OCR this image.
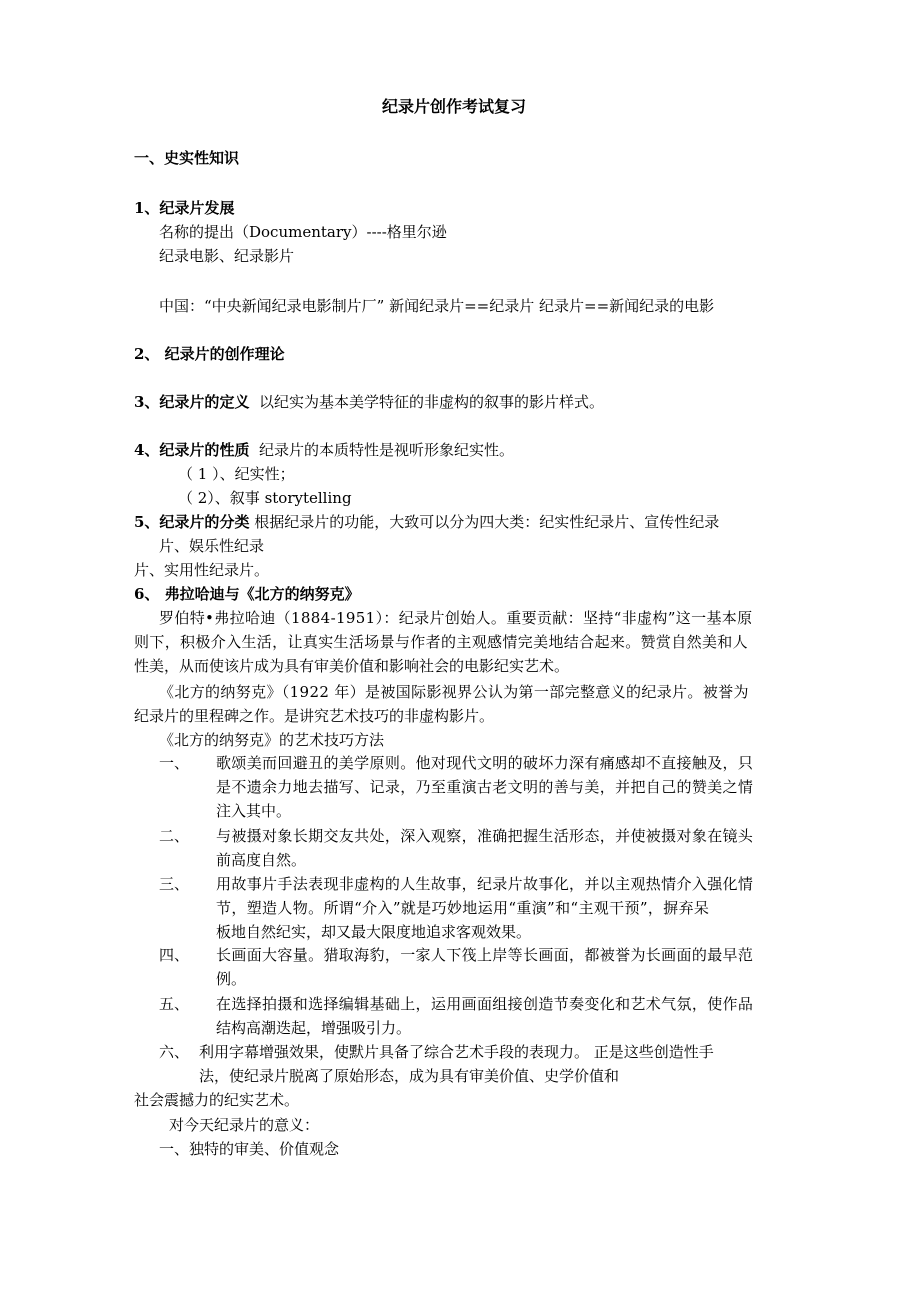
纪录片创作考试复习
一、史实性知识
1、纪录片发展
名称的提出（Documentary）----格里尔逊
纪录电影、纪录影片
中国：“中央新闻纪录电影制片厂” 新闻纪录片==纪录片 纪录片==新闻纪录的电影
2、 纪录片的创作理论
3、纪录片的定义 以纪实为基本美学特征的非虚构的叙事的影片样式。
4、纪录片的性质 纪录片的本质特性是视听形象纪实性。
（ 1 ）、纪实性；
（ 2）、叙事 storytelling
5、纪录片的分类 根据纪录片的功能，大致可以分为四大类：纪实性纪录片、宣传性纪录
片、娱乐性纪录
片、实用性纪录片。
6、 弗拉哈迪与《北方的纳努克》
罗伯特•弗拉哈迪（1884-1951）：纪录片创始人。重要贡献：坚持“非虚构”这一基本原
则下，积极介入生活，让真实生活场景与作者的主观感情完美地结合起来。赞赏自然美和人
性美，从而使该片成为具有审美价值和影响社会的电影纪实艺术。
《北方的纳努克》（1922 年）是被国际影视界公认为第一部完整意义的纪录片。被誉为
纪录片的里程碑之作。是讲究艺术技巧的非虚构影片。
《北方的纳努克》的艺术技巧方法
一、 歌颂美而回避丑的美学原则。他对现代文明的破坏力深有痛感却不直接触及，只
是不遗余力地去描写、记录，乃至重演古老文明的善与美，并把自己的赞美之情
注入其中。
二、 与被摄对象长期交友共处，深入观察，准确把握生活形态，并使被摄对象在镜头
前高度自然。
三、 用故事片手法表现非虚构的人生故事，纪录片故事化，并以主观热情介入强化情
节，塑造人物。所谓“介入”就是巧妙地运用“重演”和“主观干预”，摒弃呆
板地自然纪实，却又最大限度地追求客观效果。
四、 长画面大容量。猎取海豹，一家人下筏上岸等长画面，都被誉为长画面的最早范
例。
五、 在选择拍摄和选择编辑基础上，运用画面组接创造节奏变化和艺术气氛，使作品
结构高潮迭起，增强吸引力。
六、 利用字幕增强效果，使默片具备了综合艺术手段的表现力。 正是这些创造性手
法，使纪录片脱离了原始形态，成为具有审美价值、史学价值和
社会震撼力的纪实艺术。
对今天纪录片的意义：
一、独特的审美、价值观念
